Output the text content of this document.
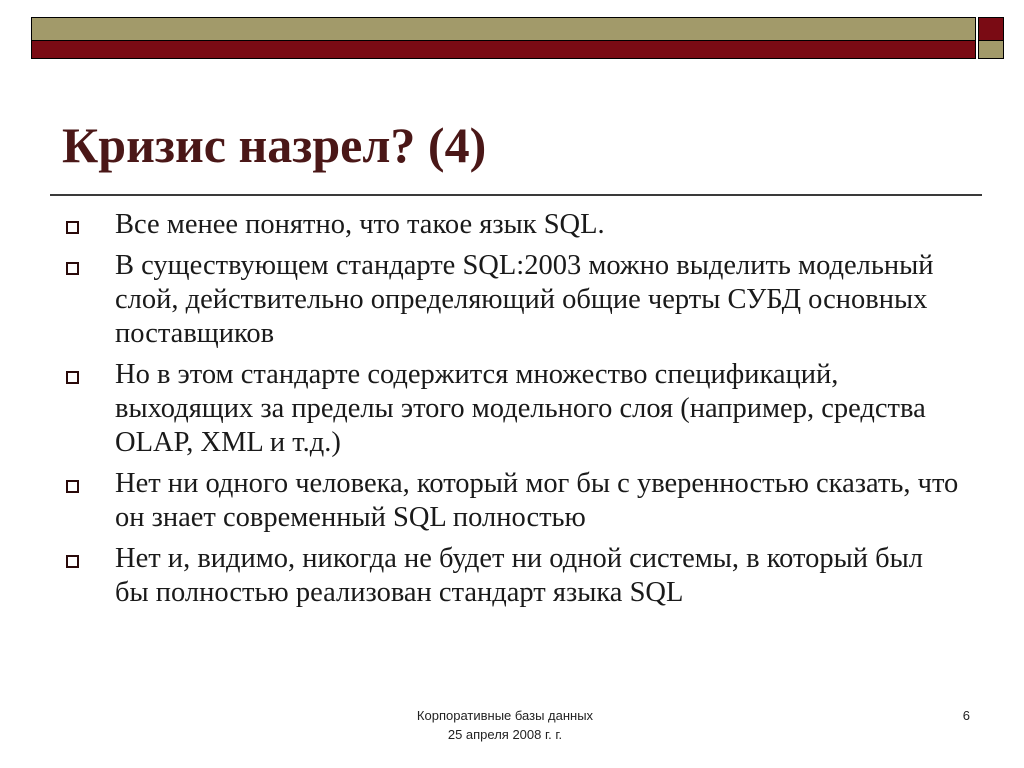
Кризис назрел? (4)
Все менее понятно, что такое язык SQL.
В существующем стандарте SQL:2003 можно выделить модельный слой, действительно определяющий общие черты СУБД основных поставщиков
Но в этом стандарте содержится множество спецификаций, выходящих за пределы этого модельного слоя (например, средства OLAP, XML и т.д.)
Нет ни одного человека, который мог бы с уверенностью сказать, что он знает современный SQL полностью
Нет и, видимо, никогда не будет ни одной системы, в который был бы полностью реализован стандарт языка SQL
Корпоративные базы данных
25 апреля 2008 г. г.
6
